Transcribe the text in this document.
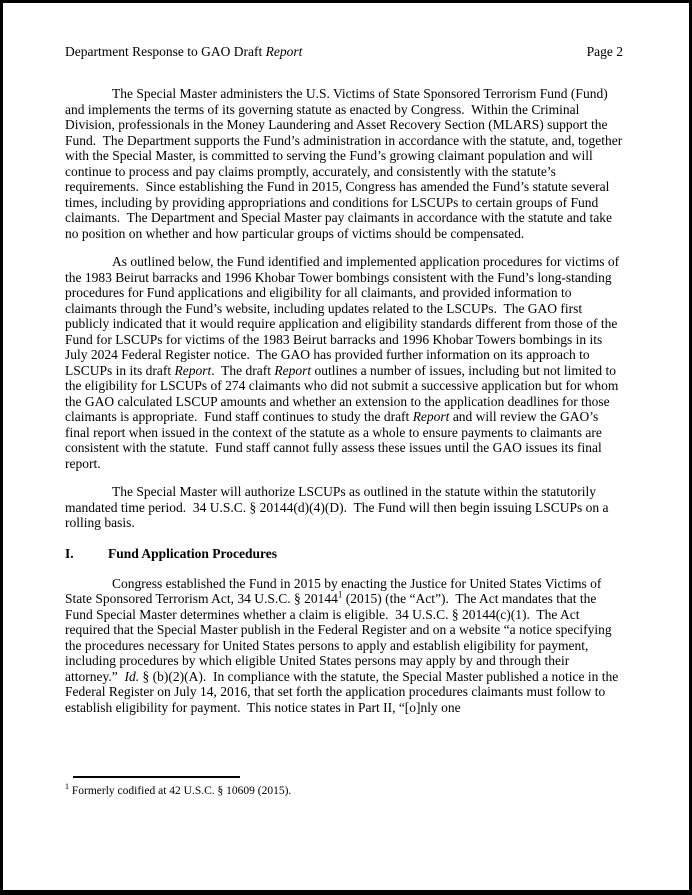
Department Response to GAO Draft Report	Page 2

The Special Master administers the U.S. Victims of State Sponsored Terrorism Fund (Fund) and implements the terms of its governing statute as enacted by Congress.  Within the Criminal Division, professionals in the Money Laundering and Asset Recovery Section (MLARS) support the Fund.  The Department supports the Fund’s administration in accordance with the statute, and, together with the Special Master, is committed to serving the Fund’s growing claimant population and will continue to process and pay claims promptly, accurately, and consistently with the statute’s requirements.  Since establishing the Fund in 2015, Congress has amended the Fund’s statute several times, including by providing appropriations and conditions for LSCUPs to certain groups of Fund claimants.  The Department and Special Master pay claimants in accordance with the statute and take no position on whether and how particular groups of victims should be compensated.

As outlined below, the Fund identified and implemented application procedures for victims of the 1983 Beirut barracks and 1996 Khobar Tower bombings consistent with the Fund’s long-standing procedures for Fund applications and eligibility for all claimants, and provided information to claimants through the Fund’s website, including updates related to the LSCUPs.  The GAO first publicly indicated that it would require application and eligibility standards different from those of the Fund for LSCUPs for victims of the 1983 Beirut barracks and 1996 Khobar Towers bombings in its July 2024 Federal Register notice.  The GAO has provided further information on its approach to LSCUPs in its draft Report.  The draft Report outlines a number of issues, including but not limited to the eligibility for LSCUPs of 274 claimants who did not submit a successive application but for whom the GAO calculated LSCUP amounts and whether an extension to the application deadlines for those claimants is appropriate.  Fund staff continues to study the draft Report and will review the GAO’s final report when issued in the context of the statute as a whole to ensure payments to claimants are consistent with the statute.  Fund staff cannot fully assess these issues until the GAO issues its final report.

The Special Master will authorize LSCUPs as outlined in the statute within the statutorily mandated time period.  34 U.S.C. § 20144(d)(4)(D).  The Fund will then begin issuing LSCUPs on a rolling basis.

I.	Fund Application Procedures

Congress established the Fund in 2015 by enacting the Justice for United States Victims of State Sponsored Terrorism Act, 34 U.S.C. § 20144$^1$ (2015) (the “Act”).  The Act mandates that the Fund Special Master determines whether a claim is eligible.  34 U.S.C. § 20144(c)(1).  The Act required that the Special Master publish in the Federal Register and on a website “a notice specifying the procedures necessary for United States persons to apply and establish eligibility for payment, including procedures by which eligible United States persons may apply by and through their attorney.”  Id. § (b)(2)(A).  In compliance with the statute, the Special Master published a notice in the Federal Register on July 14, 2016, that set forth the application procedures claimants must follow to establish eligibility for payment.  This notice states in Part II, “[o]nly one

$^1$ Formerly codified at 42 U.S.C. § 10609 (2015).
